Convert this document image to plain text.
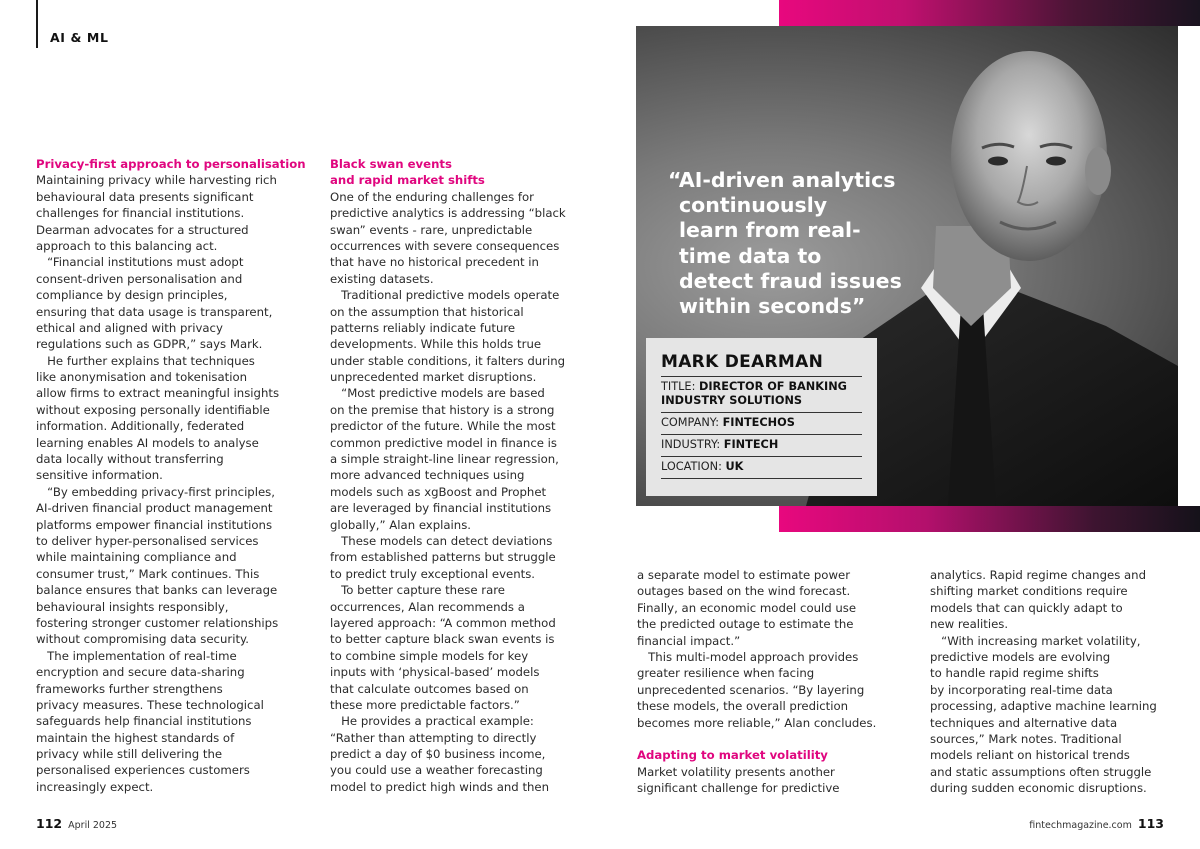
AI & ML
Privacy-first approach to personalisation
Maintaining privacy while harvesting rich
behavioural data presents significant
challenges for financial institutions.
Dearman advocates for a structured
approach to this balancing act.
“Financial institutions must adopt
consent-driven personalisation and
compliance by design principles,
ensuring that data usage is transparent,
ethical and aligned with privacy
regulations such as GDPR,” says Mark.
He further explains that techniques
like anonymisation and tokenisation
allow firms to extract meaningful insights
without exposing personally identifiable
information. Additionally, federated
learning enables AI models to analyse
data locally without transferring
sensitive information.
“By embedding privacy-first principles,
AI-driven financial product management
platforms empower financial institutions
to deliver hyper-personalised services
while maintaining compliance and
consumer trust,” Mark continues. This
balance ensures that banks can leverage
behavioural insights responsibly,
fostering stronger customer relationships
without compromising data security.
The implementation of real-time
encryption and secure data-sharing
frameworks further strengthens
privacy measures. These technological
safeguards help financial institutions
maintain the highest standards of
privacy while still delivering the
personalised experiences customers
increasingly expect.
Black swan events
and rapid market shifts
One of the enduring challenges for
predictive analytics is addressing “black
swan” events - rare, unpredictable
occurrences with severe consequences
that have no historical precedent in
existing datasets.
Traditional predictive models operate
on the assumption that historical
patterns reliably indicate future
developments. While this holds true
under stable conditions, it falters during
unprecedented market disruptions.
“Most predictive models are based
on the premise that history is a strong
predictor of the future. While the most
common predictive model in finance is
a simple straight-line linear regression,
more advanced techniques using
models such as xgBoost and Prophet
are leveraged by financial institutions
globally,” Alan explains.
These models can detect deviations
from established patterns but struggle
to predict truly exceptional events.
To better capture these rare
occurrences, Alan recommends a
layered approach: “A common method
to better capture black swan events is
to combine simple models for key
inputs with ‘physical-based’ models
that calculate outcomes based on
these more predictable factors.”
He provides a practical example:
“Rather than attempting to directly
predict a day of $0 business income,
you could use a weather forecasting
model to predict high winds and then
a separate model to estimate power
outages based on the wind forecast.
Finally, an economic model could use
the predicted outage to estimate the
financial impact.”
This multi-model approach provides
greater resilience when facing
unprecedented scenarios. “By layering
these models, the overall prediction
becomes more reliable,” Alan concludes.
Adapting to market volatility
Market volatility presents another
significant challenge for predictive
analytics. Rapid regime changes and
shifting market conditions require
models that can quickly adapt to
new realities.
“With increasing market volatility,
predictive models are evolving
to handle rapid regime shifts
by incorporating real-time data
processing, adaptive machine learning
techniques and alternative data
sources,” Mark notes. Traditional
models reliant on historical trends
and static assumptions often struggle
during sudden economic disruptions.
“AI-driven analytics
continuously
learn from real-
time data to
detect fraud issues
within seconds”
MARK DEARMAN
TITLE: DIRECTOR OF BANKING
INDUSTRY SOLUTIONS
COMPANY: FINTECHOS
INDUSTRY: FINTECH
LOCATION: UK
112 April 2025	fintechmagazine.com 113
